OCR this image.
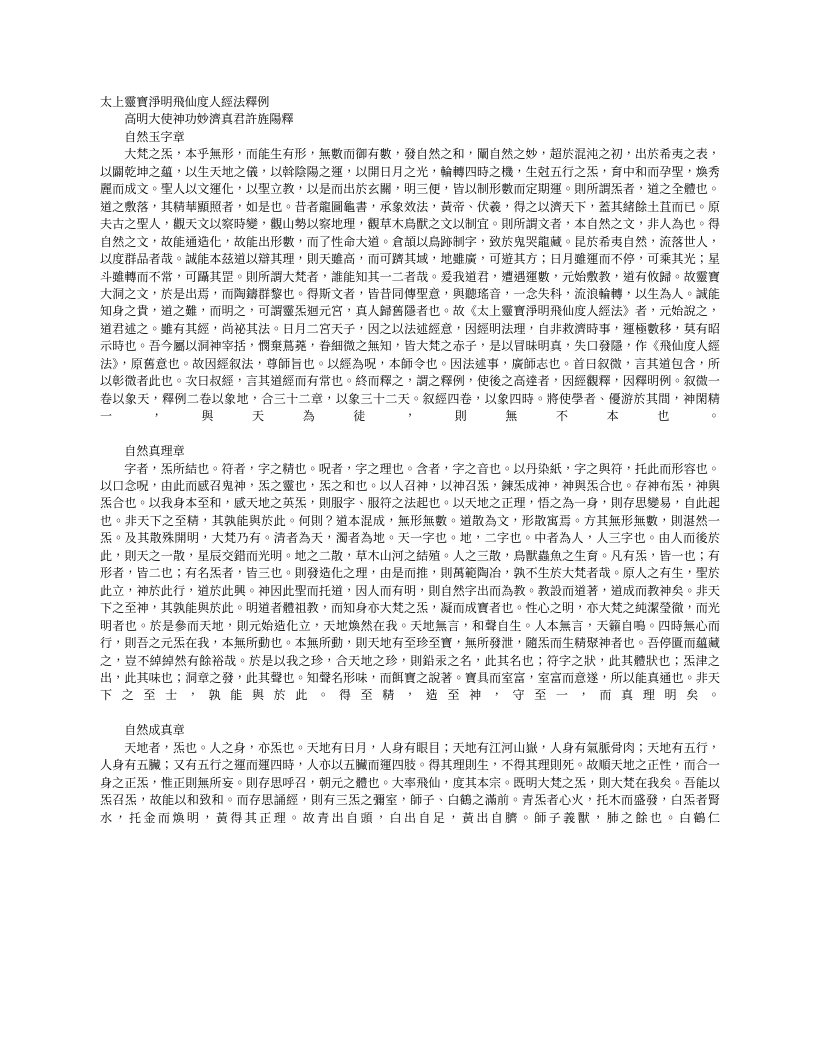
太上靈寶淨明飛仙度人經法釋例
高明大使神功妙濟真君許旌陽釋
自然玉字章

大梵之炁，本乎無形，而能生有形，無數而御有數，發自然之和，闡自然之妙，超於混沌之初，出於希夷之表，以闢乾坤之蘊，以生天地之儀，以斡陰陽之運，以開日月之光，輪轉四時之機，生尅五行之炁，育中和而孕聖，煥秀麗而成文。聖人以文運化，以聖立教，以是而出於玄關，明三便，皆以制形數而定期運。則所謂炁者，道之全體也。道之敷落，其精華顯照者，如是也。昔者龍圖龜書，承象效法，黃帝、伏羲，得之以濟天下，蓋其緒餘土苴而已。原夫古之聖人，觀天文以察時變，觀山勢以察地理，觀草木鳥獸之文以制宜。則所謂文者，本自然之文，非人為也。得自然之文，故能通造化，故能出形數，而了性命大道。倉頡以鳥跡制字，致於鬼哭龍藏。昆於希夷自然，流落世人，以度群品者哉。誠能本茲道以辯其理，則天雖高，而可躋其域，地雖廣，可遊其方；日月雖運而不停，可乘其光；星斗雖轉而不常，可躡其罡。則所謂大梵者，誰能知其一二者哉。爰我道君，遭遇運數，元始敷教，道有攸歸。故靈寶大洞之文，於是出焉，而陶鑄群黎也。得斯文者，皆昔同傳聖意，與聽瑤音，一念失科，流浪輪轉，以生為人。誠能知身之貴，道之難，而明之，可謂靈炁迴元宮，真人歸舊隱者也。故《太上靈寶淨明飛仙度人經法》者，元始說之，道君述之。雖有其經，尚袐其法。日月二宮天子，因之以法述經意，因經明法理，自非救濟時事，運極數移，莫有昭示時也。吾今屬以洞神宰括，憫棄蔦蕘，眷細微之無知，皆大梵之赤子，是以冒昧明真，失口發隱，作《飛仙度人經法》，原舊意也。故因經叙法，尊師旨也。以經為呪，本師令也。因法述事，廣師志也。首曰叙微，言其道包含，所以彰微者此也。次曰叔經，言其道經而有常也。終而釋之，謂之釋例，使後之高達者，因經觀釋，因釋明例。叙微一卷以象天，釋例二卷以象地，合三十二章，以象三十二天。叙經四卷，以象四時。將使學者、優游於其間，神閑精一，與天為徒，則無不本也。

自然真理章

字者，炁所結也。符者，字之精也。呪者，字之理也。含者，字之音也。以丹染紙，字之與符，托此而形容也。以口念呪，由此而感召鬼神，炁之靈也，炁之和也。以人召神，以神召炁，鍊炁成神，神與炁合也。存神布炁，神與炁合也。以我身本至和，感天地之英炁，則服字、服符之法起也。以天地之正理，悟之為一身，則存思變易，自此起也。非天下之至精，其孰能與於此。何則？道本混成，無形無數。道散為文，形散寓焉。方其無形無數，則湛然一炁。及其散殊開明，大梵乃有。清者為天，濁者為地。天一字也。地，二字也。中者為人，人三字也。由人而後於此，則天之一散，星辰交錯而光明。地之二散，草木山河之結殖。人之三散，鳥獸蟲魚之生育。凡有炁，皆一也；有形者，皆二也；有名炁者，皆三也。則發造化之理，由是而推，則萬範陶冶，孰不生於大梵者哉。原人之有生，聖於此立，神於此行，道於此興。神因此聖而托道，因人而有明，則自然字出而為教。教設而道著，道成而教神矣。非天下之至神，其孰能與於此。明道者體祖教，而知身亦大梵之炁，凝而成寶者也。性心之明，亦大梵之純潔瑩徹，而光明者也。於是參而天地，則元始造化立，天地煥然在我。天地無言，和聲自生。人本無言，天籟自鳴。四時無心而行，則吾之元炁在我，本無所動也。本無所動，則天地有至珍至寶，無所發泄，隨炁而生精聚神者也。吾停匱而蘊藏之，豈不綽綽然有餘裕哉。於是以我之珍，合天地之珍，則鉛汞之名，此其名也；符字之狀，此其體狀也；炁津之出，此其味也；洞章之發，此其聲也。知聲名形味，而餌寶之說著。寶具而室富，室富而意遂，所以能真通也。非天下之至士，孰能與於此。得至精，造至神，守至一，而真理明矣。

自然成真章

天地者，炁也。人之身，亦炁也。天地有日月，人身有眼目；天地有江河山嶽，人身有氣脈骨肉；天地有五行，人身有五臟；又有五行之運而運四時，人亦以五臟而運四肢。得其理則生，不得其理則死。故順天地之正性，而合一身之正炁，惟正則無所妄。則存思呼召，朝元之體也。大率飛仙，度其本宗。既明大梵之炁，則大梵在我矣。吾能以炁召炁，故能以和致和。而存思誦經，則有三炁之彌室，師子、白鶴之滿前。青炁者心火，托木而盛發，白炁者腎水，托金而煥明，黃得其正理。故青出自頭，白出自足，黃出自臍。師子義獸，肺之餘也。白鶴仁
